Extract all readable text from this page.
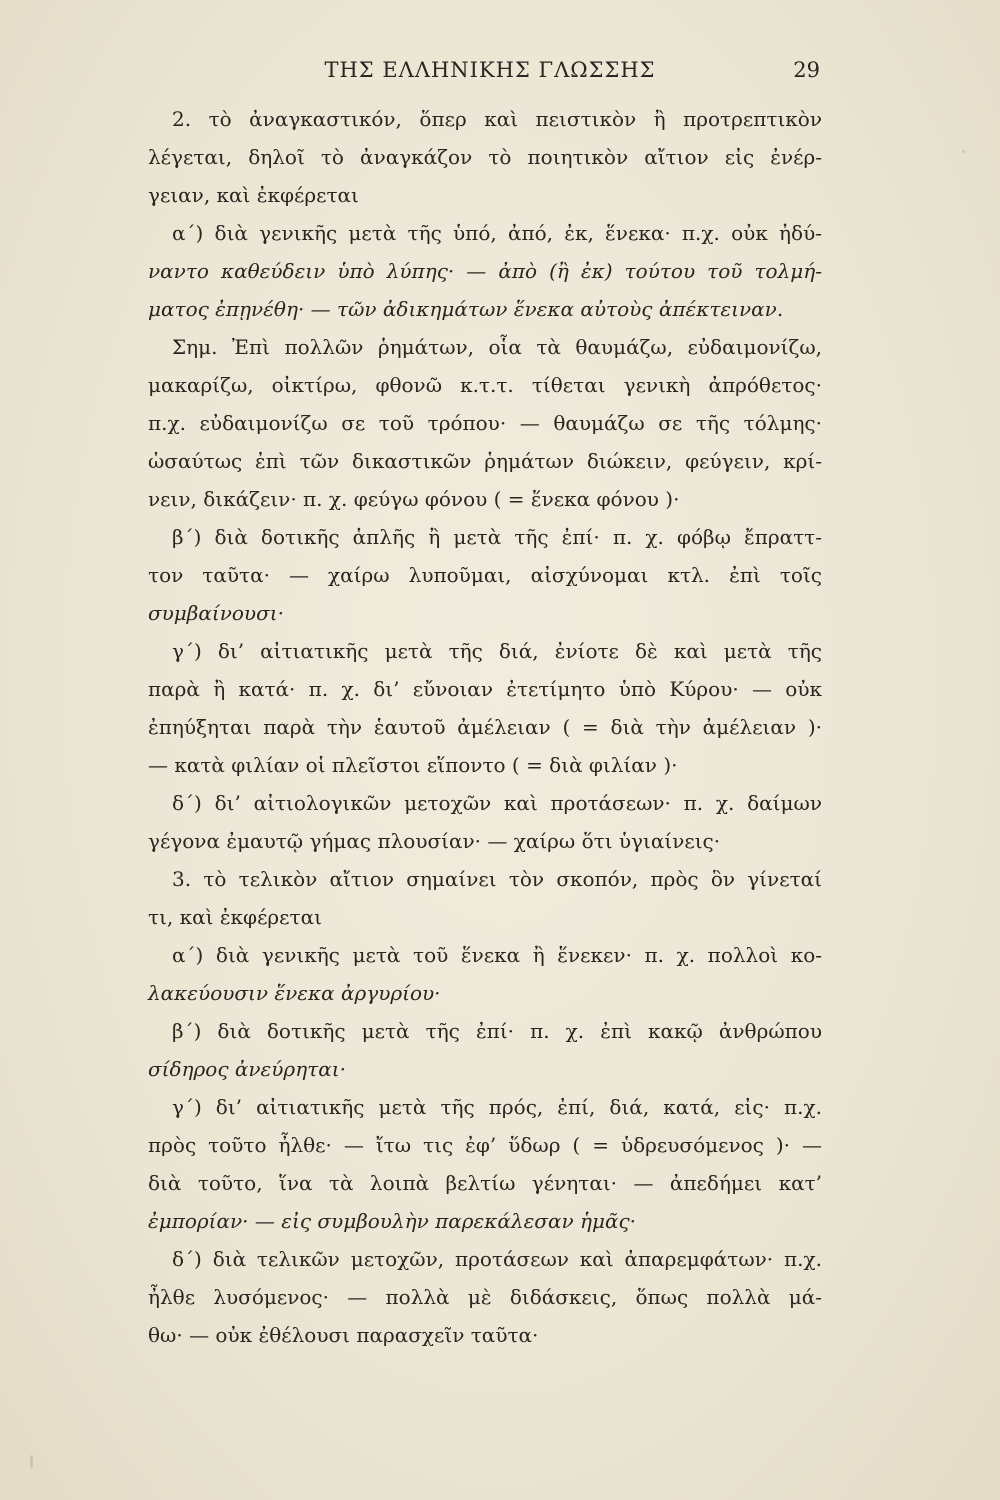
ΤΗΣ ΕΛΛΗΝΙΚΗΣ ΓΛΩΣΣΗΣ	29
2. τὸ ἀναγκαστικόν, ὅπερ καὶ πειστικὸν ἢ προτρεπτικὸν
λέγεται, δηλοῖ τὸ ἀναγκάζον τὸ ποιητικὸν αἴτιον εἰς ἐνέρ-
γειαν, καὶ ἐκφέρεται
α΄) διὰ γενικῆς μετὰ τῆς ὑπό, ἀπό, ἐκ, ἕνεκα· π.χ. οὐκ ἠδύ-
ναντο καθεύδειν ὑπὸ λύπης· — ἀπὸ (ἢ ἐκ) τούτου τοῦ τολμή-
ματος ἐπῃνέθη· — τῶν ἀδικημάτων ἕνεκα αὐτοὺς ἀπέκτειναν.
Σημ. Ἐπὶ πολλῶν ῥημάτων, οἷα τὰ θαυμάζω, εὐδαιμονίζω,
μακαρίζω, οἰκτίρω, φθονῶ κ.τ.τ. τίθεται γενικὴ ἀπρόθετος·
π.χ. εὐδαιμονίζω σε τοῦ τρόπου· — θαυμάζω σε τῆς τόλμης·
ὡσαύτως ἐπὶ τῶν δικαστικῶν ῥημάτων διώκειν, φεύγειν, κρί-
νειν, δικάζειν· π. χ. φεύγω φόνου ( = ἕνεκα φόνου )·
β΄) διὰ δοτικῆς ἁπλῆς ἢ μετὰ τῆς ἐπί· π. χ. φόβῳ ἔπραττ-
τον ταῦτα· — χαίρω λυποῦμαι, αἰσχύνομαι κτλ. ἐπὶ τοῖς
συμβαίνουσι·
γ΄) δι’ αἰτιατικῆς μετὰ τῆς διά, ἐνίοτε δὲ καὶ μετὰ τῆς
παρὰ ἢ κατά· π. χ. δι’ εὔνοιαν ἐτετίμητο ὑπὸ Κύρου· — οὐκ
ἐπηύξηται παρὰ τὴν ἑαυτοῦ ἀμέλειαν ( = διὰ τὴν ἀμέλειαν )·
— κατὰ φιλίαν οἱ πλεῖστοι εἵποντο ( = διὰ φιλίαν )·
δ΄) δι’ αἰτιολογικῶν μετοχῶν καὶ προτάσεων· π. χ. δαίμων
γέγονα ἐμαυτῷ γήμας πλουσίαν· — χαίρω ὅτι ὑγιαίνεις·
3. τὸ τελικὸν αἴτιον σημαίνει τὸν σκοπόν, πρὸς ὃν γίνεταί
τι, καὶ ἐκφέρεται
α΄) διὰ γενικῆς μετὰ τοῦ ἕνεκα ἢ ἕνεκεν· π. χ. πολλοὶ κο-
λακεύουσιν ἕνεκα ἀργυρίου·
β΄) διὰ δοτικῆς μετὰ τῆς ἐπί· π. χ. ἐπὶ κακῷ ἀνθρώπου
σίδηρος ἀνεύρηται·
γ΄) δι’ αἰτιατικῆς μετὰ τῆς πρός, ἐπί, διά, κατά, εἰς· π.χ.
πρὸς τοῦτο ἦλθε· — ἴτω τις ἐφ’ ὕδωρ ( = ὑδρευσόμενος )· —
διὰ τοῦτο, ἵνα τὰ λοιπὰ βελτίω γένηται· — ἀπεδήμει κατ’
ἐμπορίαν· — εἰς συμβουλὴν παρεκάλεσαν ἡμᾶς·
δ΄) διὰ τελικῶν μετοχῶν, προτάσεων καὶ ἀπαρεμφάτων· π.χ.
ἦλθε λυσόμενος· — πολλὰ μὲ διδάσκεις, ὅπως πολλὰ μά-
θω· — οὐκ ἐθέλουσι παρασχεῖν ταῦτα·
